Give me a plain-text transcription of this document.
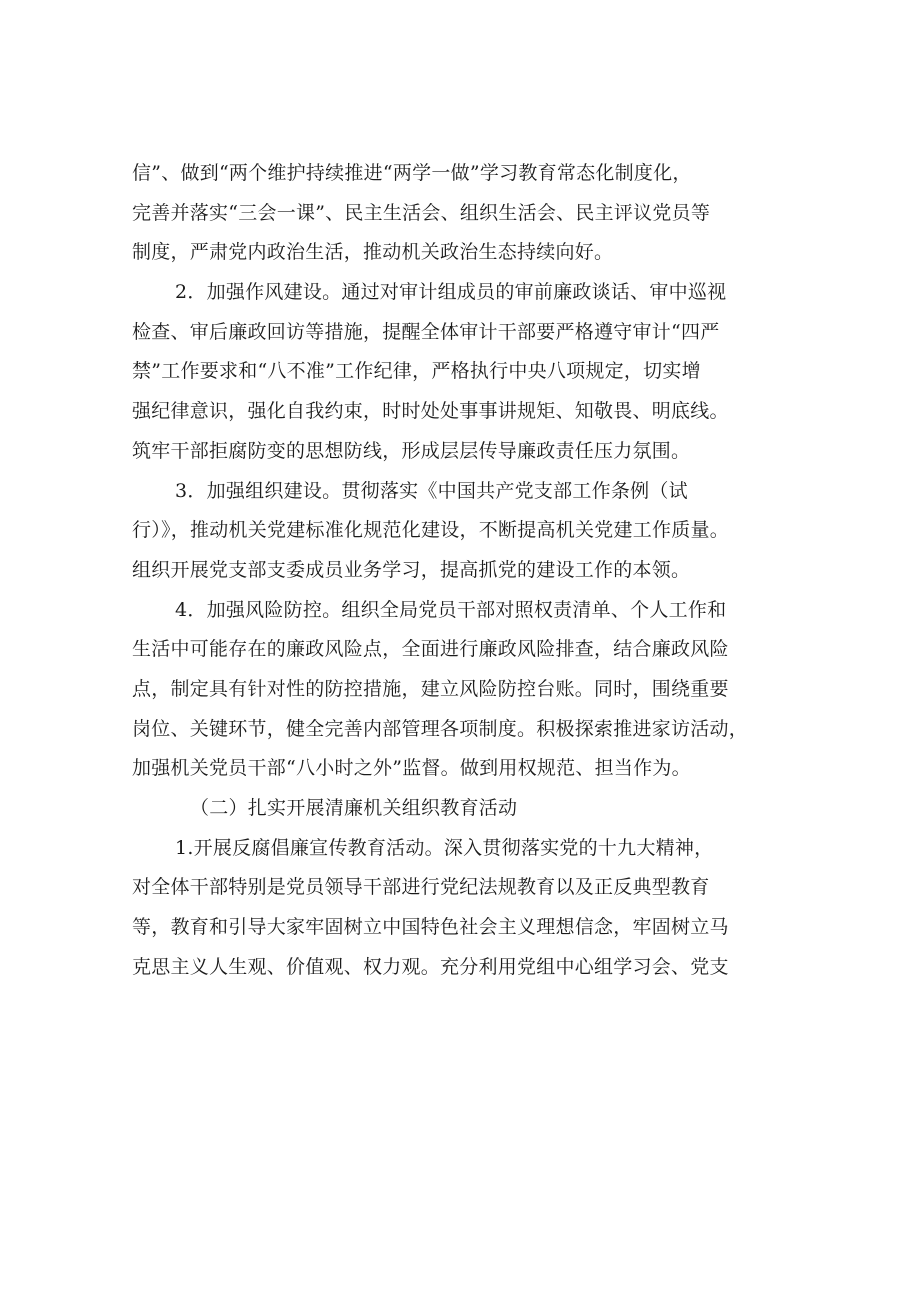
信”、做到“两个维护持续推进“两学一做”学习教育常态化制度化，
完善并落实“三会一课”、民主生活会、组织生活会、民主评议党员等
制度，严肃党内政治生活，推动机关政治生态持续向好。
2．加强作风建设。通过对审计组成员的审前廉政谈话、审中巡视
检查、审后廉政回访等措施，提醒全体审计干部要严格遵守审计“四严
禁”工作要求和“八不准”工作纪律，严格执行中央八项规定，切实增
强纪律意识，强化自我约束，时时处处事事讲规矩、知敬畏、明底线。
筑牢干部拒腐防变的思想防线，形成层层传导廉政责任压力氛围。
3．加强组织建设。贯彻落实《中国共产党支部工作条例（试
行）》，推动机关党建标准化规范化建设，不断提高机关党建工作质量。
组织开展党支部支委成员业务学习，提高抓党的建设工作的本领。
4．加强风险防控。组织全局党员干部对照权责清单、个人工作和
生活中可能存在的廉政风险点，全面进行廉政风险排查，结合廉政风险
点，制定具有针对性的防控措施，建立风险防控台账。同时，围绕重要
岗位、关键环节，健全完善内部管理各项制度。积极探索推进家访活动，
加强机关党员干部“八小时之外”监督。做到用权规范、担当作为。
（二）扎实开展清廉机关组织教育活动
1.开展反腐倡廉宣传教育活动。深入贯彻落实党的十九大精神，
对全体干部特别是党员领导干部进行党纪法规教育以及正反典型教育
等，教育和引导大家牢固树立中国特色社会主义理想信念，牢固树立马
克思主义人生观、价值观、权力观。充分利用党组中心组学习会、党支
